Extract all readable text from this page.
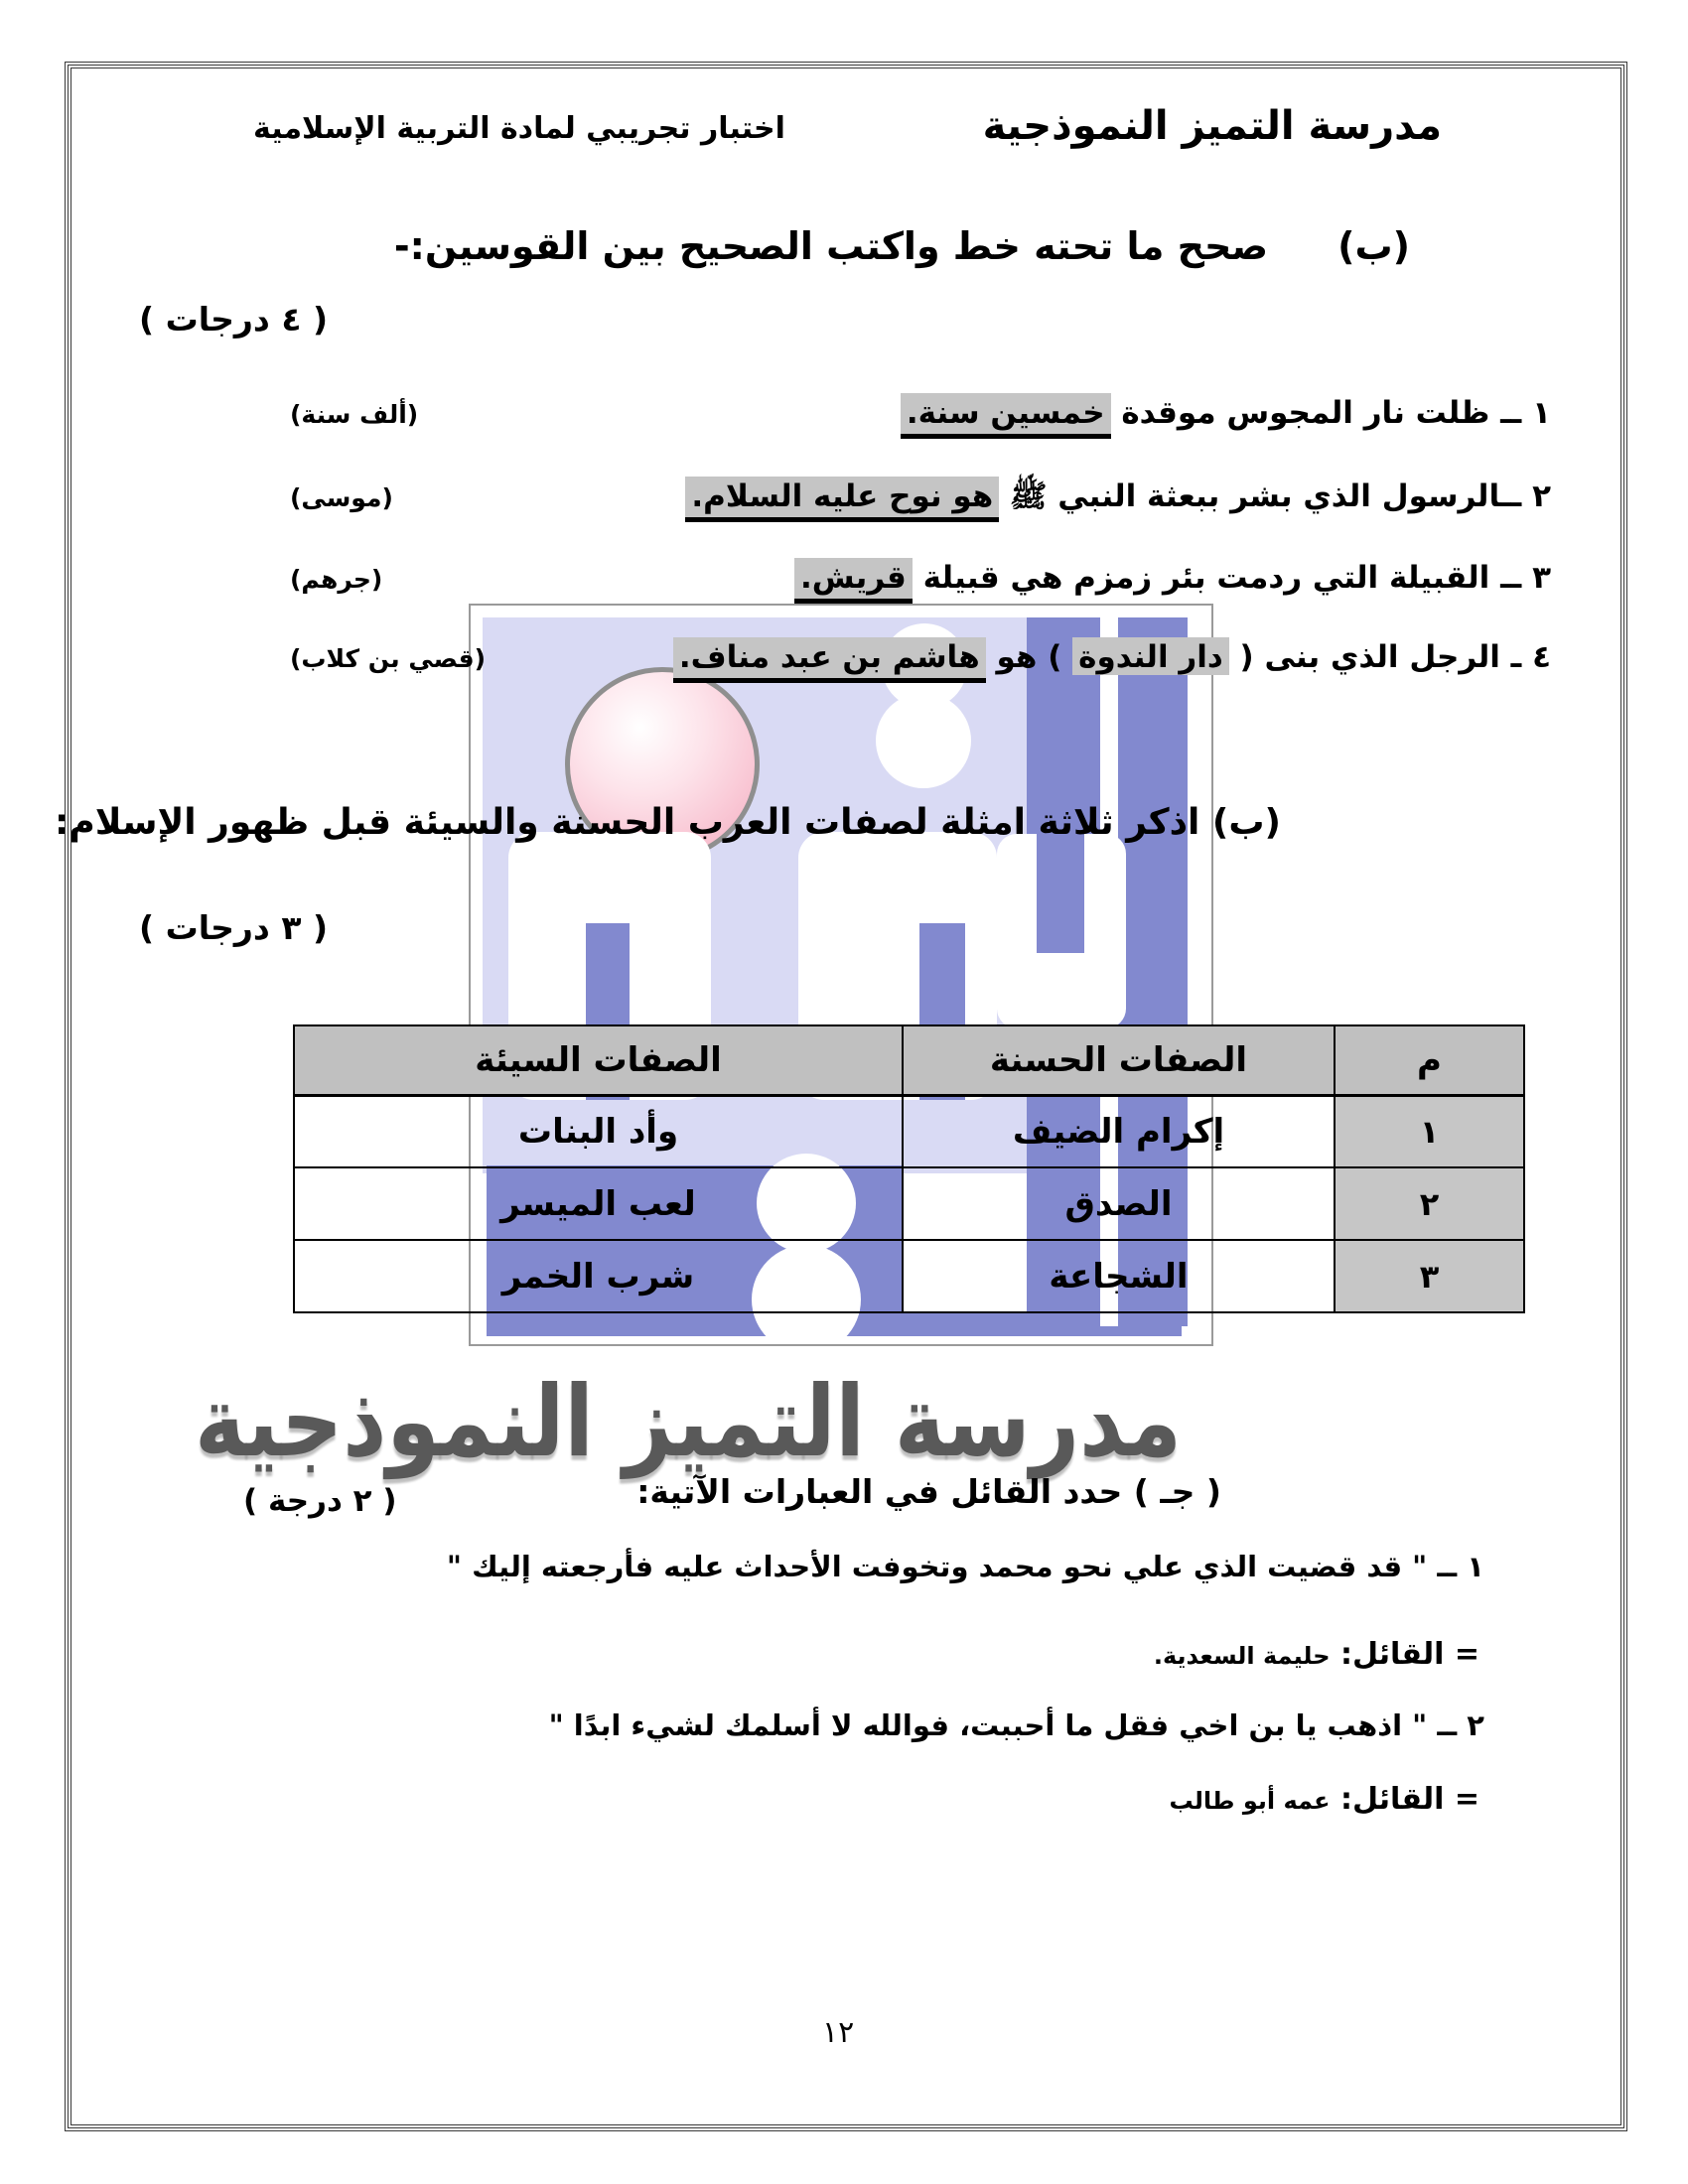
مدرسة التميز النموذجية
مدرسة التميز النموذجية
اختبار تجريبي لمادة التربية الإسلامية
(ب)صحح ما تحته خط واكتب الصحيح بين القوسين:-
( ٤ درجات )
١ ــ ظلت نار المجوس موقدة خمسين سنة.
(ألف سنة)
٢ ــالرسول الذي بشر ببعثة النبي ﷺ هو نوح عليه السلام.
(موسى)
٣ ــ القبيلة التي ردمت بئر زمزم هي قبيلة قريش.
(جرهم)
٤ ـ الرجل الذي بنى ( دار الندوة ) هو هاشم بن عبد مناف.
(قصي بن كلاب)
(ب) اذكر ثلاثة امثلة لصفات العرب الحسنة والسيئة قبل ظهور الإسلام:
( ٣ درجات )
م	الصفات الحسنة	الصفات السيئة
١	إكرام الضيف	وأد البنات
٢	الصدق	لعب الميسر
٣	الشجاعة	شرب الخمر
( جـ ) حدد القائل في العبارات الآتية:
( ٢ درجة )
١ ــ " قد قضيت الذي علي نحو محمد وتخوفت الأحداث عليه فأرجعته إليك "
= القائل: حليمة السعدية.
٢ ــ " اذهب يا بن اخي فقل ما أحببت، فوالله لا أسلمك لشيء ابدًا "
= القائل: عمه أبو طالب
١٢
